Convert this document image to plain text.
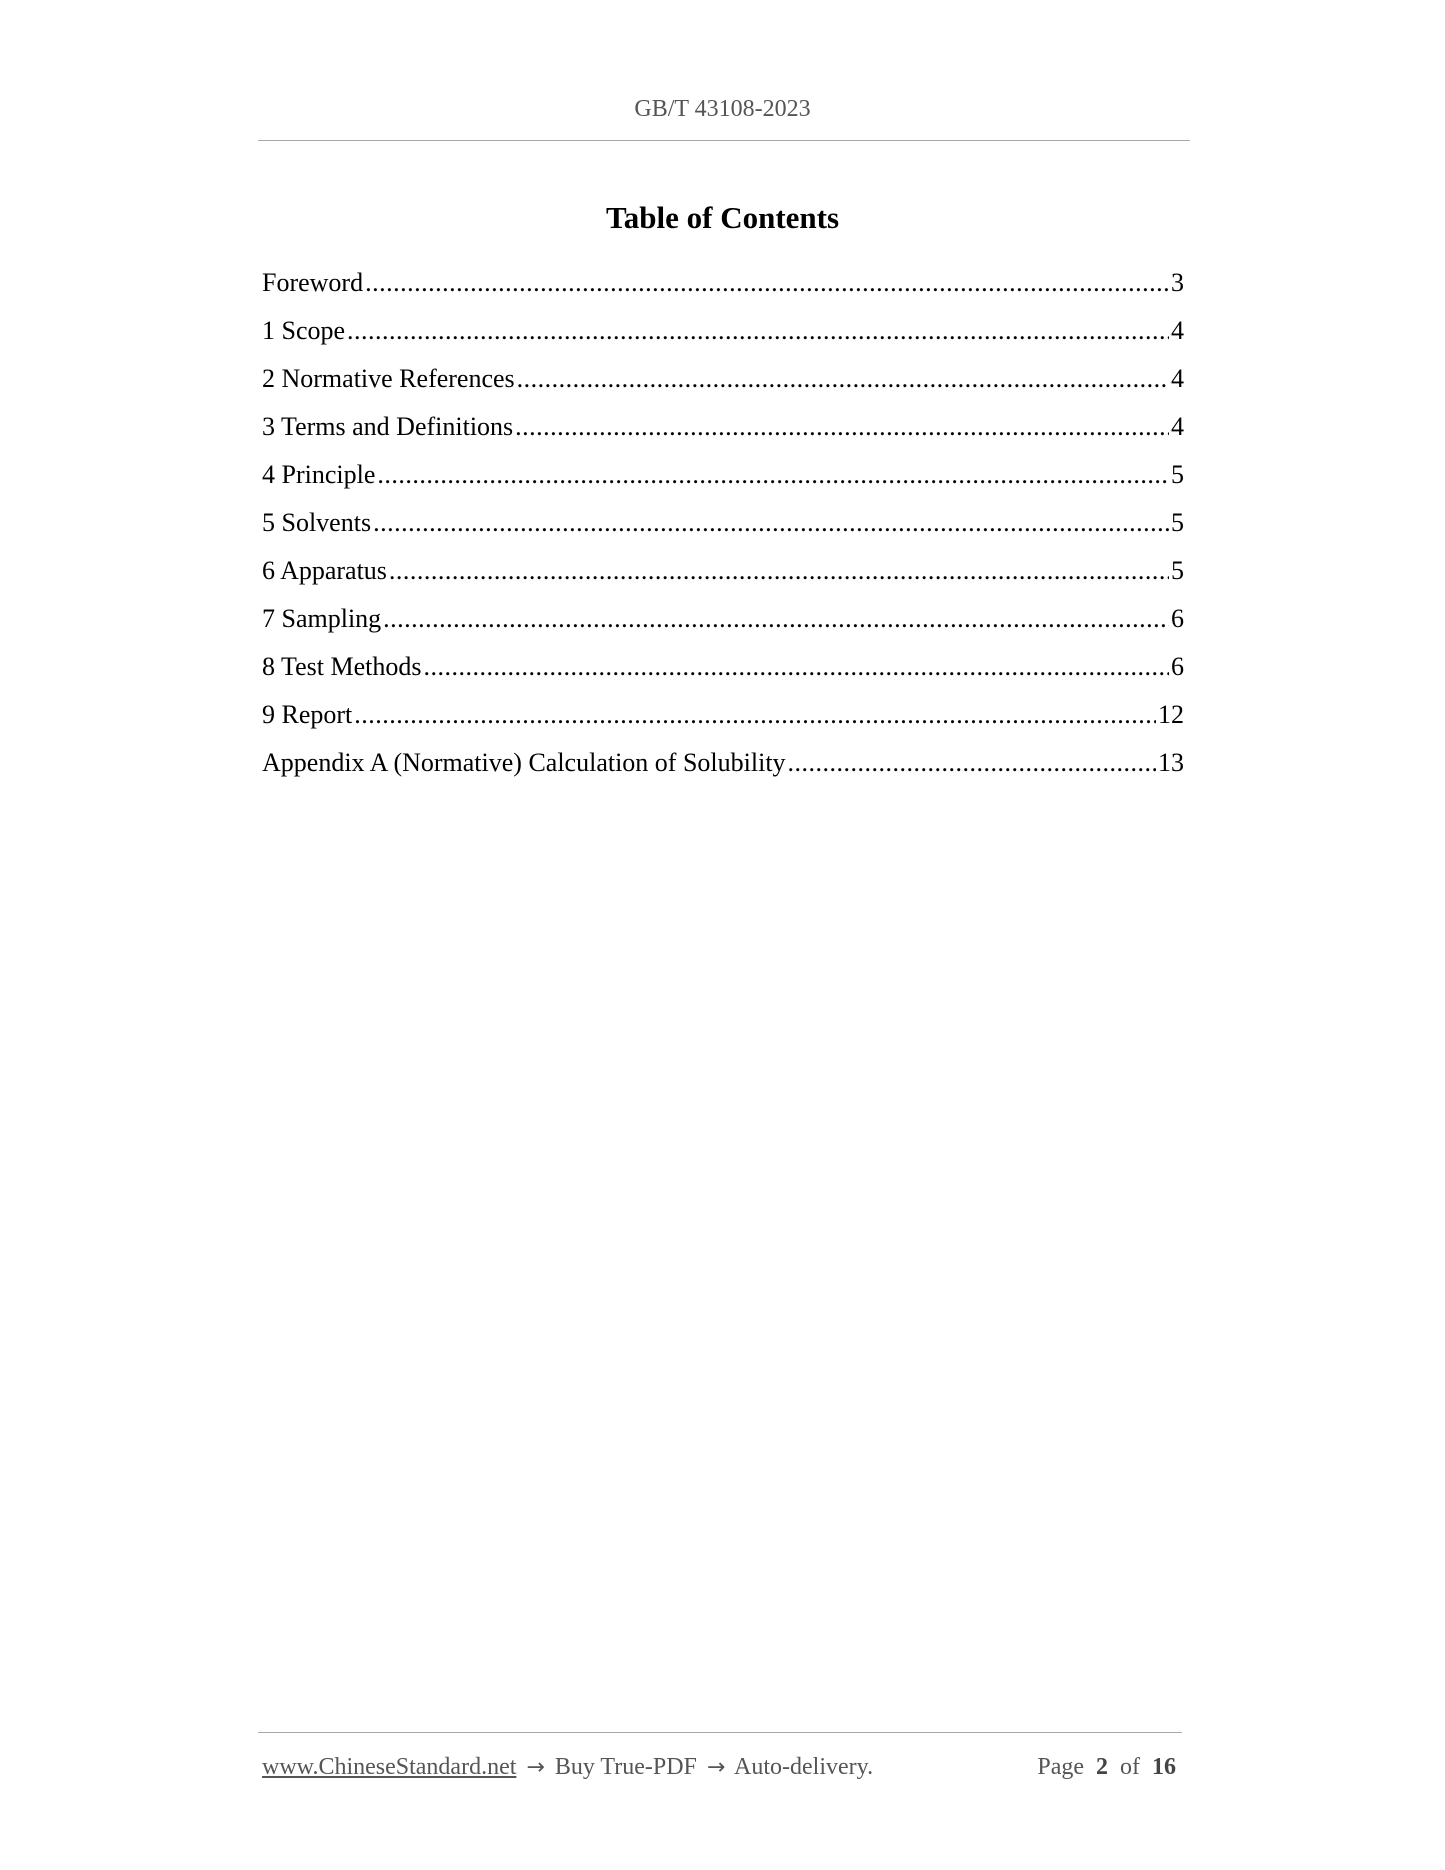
GB/T 43108-2023
Table of Contents
Foreword .....	3
1 Scope .....	4
2 Normative References .....	4
3 Terms and Definitions .....	4
4 Principle .....	5
5 Solvents .....	5
6 Apparatus .....	5
7 Sampling .....	6
8 Test Methods .....	6
9 Report .....	12
Appendix A (Normative) Calculation of Solubility .....	13
www.ChineseStandard.net → Buy True-PDF → Auto-delivery.	Page 2 of 16
